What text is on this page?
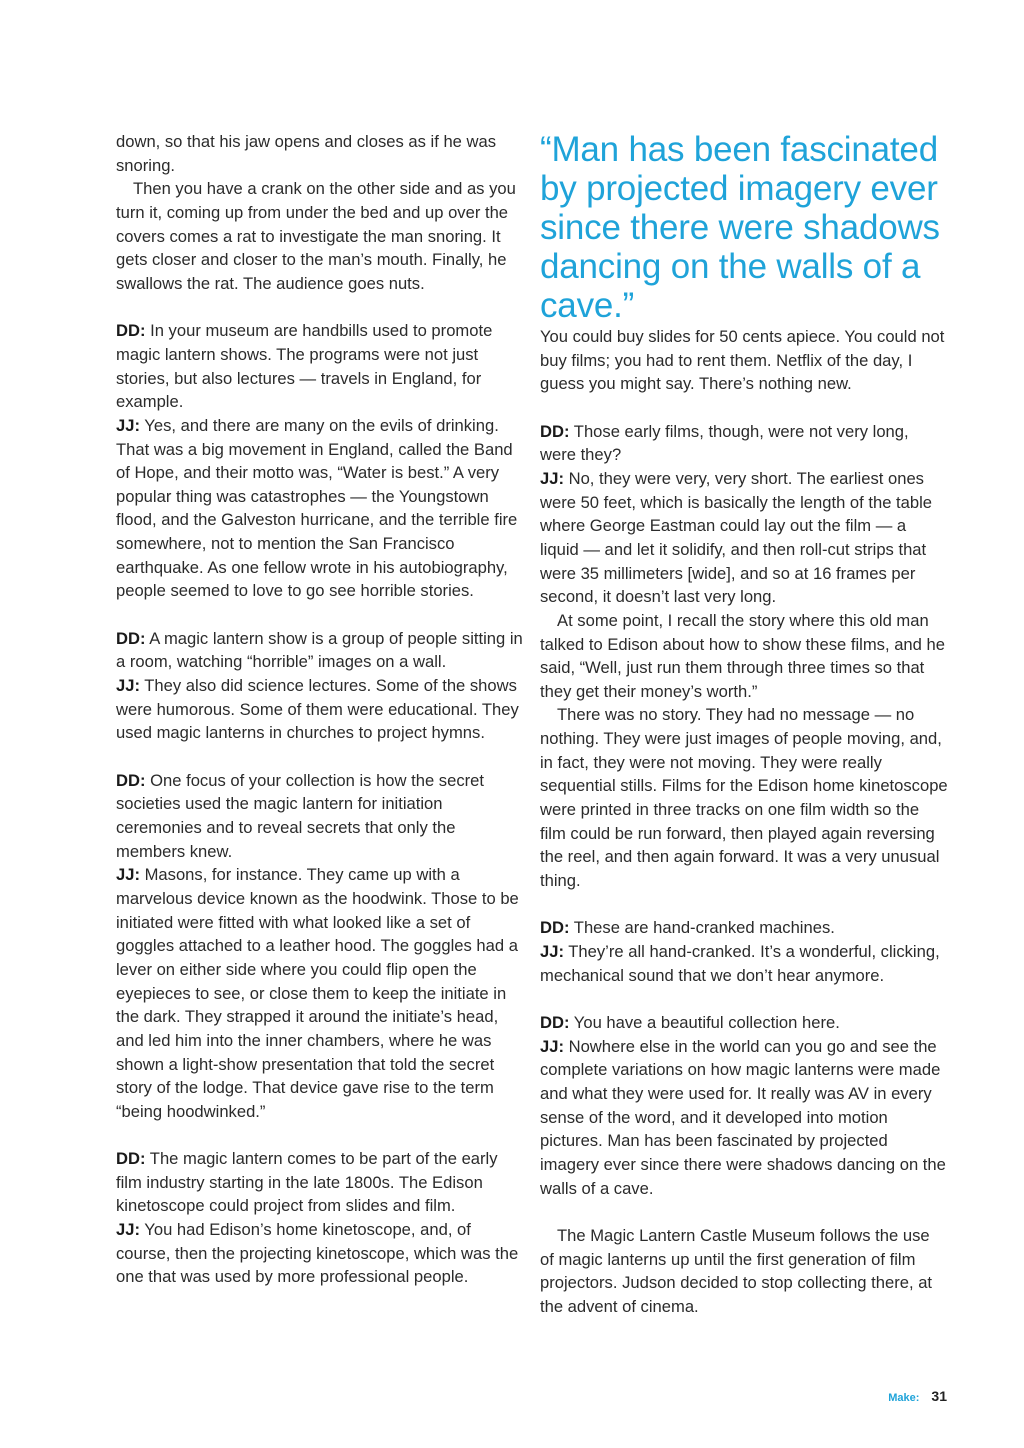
down, so that his jaw opens and closes as if he was snoring.

Then you have a crank on the other side and as you turn it, coming up from under the bed and up over the covers comes a rat to investigate the man snoring. It gets closer and closer to the man’s mouth. Finally, he swallows the rat. The audience goes nuts.

DD: In your museum are handbills used to promote magic lantern shows. The programs were not just stories, but also lectures — travels in England, for example.

JJ: Yes, and there are many on the evils of drinking. That was a big movement in England, called the Band of Hope, and their motto was, “Water is best.” A very popular thing was catastrophes — the Youngstown flood, and the Galveston hurricane, and the terrible fire somewhere, not to mention the San Francisco earthquake. As one fellow wrote in his autobiography, people seemed to love to go see horrible stories.

DD: A magic lantern show is a group of people sitting in a room, watching “horrible” images on a wall.

JJ: They also did science lectures. Some of the shows were humorous. Some of them were educational. They used magic lanterns in churches to project hymns.

DD: One focus of your collection is how the secret societies used the magic lantern for initiation ceremonies and to reveal secrets that only the members knew.

JJ: Masons, for instance. They came up with a marvelous device known as the hoodwink. Those to be initiated were fitted with what looked like a set of goggles attached to a leather hood. The goggles had a lever on either side where you could flip open the eyepieces to see, or close them to keep the initiate in the dark. They strapped it around the initiate’s head, and led him into the inner chambers, where he was shown a light-show presentation that told the secret story of the lodge. That device gave rise to the term “being hoodwinked.”

DD: The magic lantern comes to be part of the early film industry starting in the late 1800s. The Edison kinetoscope could project from slides and film.

JJ: You had Edison’s home kinetoscope, and, of course, then the projecting kinetoscope, which was the one that was used by more professional people.

“Man has been fascinated by projected imagery ever since there were shadows dancing on the walls of a cave.”

You could buy slides for 50 cents apiece. You could not buy films; you had to rent them. Netflix of the day, I guess you might say. There’s nothing new.

DD: Those early films, though, were not very long, were they?

JJ: No, they were very, very short. The earliest ones were 50 feet, which is basically the length of the table where George Eastman could lay out the film — a liquid — and let it solidify, and then roll-cut strips that were 35 millimeters [wide], and so at 16 frames per second, it doesn’t last very long.

At some point, I recall the story where this old man talked to Edison about how to show these films, and he said, “Well, just run them through three times so that they get their money’s worth.”

There was no story. They had no message — no nothing. They were just images of people moving, and, in fact, they were not moving. They were really sequential stills. Films for the Edison home kinetoscope were printed in three tracks on one film width so the film could be run forward, then played again reversing the reel, and then again forward. It was a very unusual thing.

DD: These are hand-cranked machines.

JJ: They’re all hand-cranked. It’s a wonderful, clicking, mechanical sound that we don’t hear anymore.

DD: You have a beautiful collection here.

JJ: Nowhere else in the world can you go and see the complete variations on how magic lanterns were made and what they were used for. It really was AV in every sense of the word, and it developed into motion pictures. Man has been fascinated by projected imagery ever since there were shadows dancing on the walls of a cave.

The Magic Lantern Castle Museum follows the use of magic lanterns up until the first generation of film projectors. Judson decided to stop collecting there, at the advent of cinema.

Make: 31
